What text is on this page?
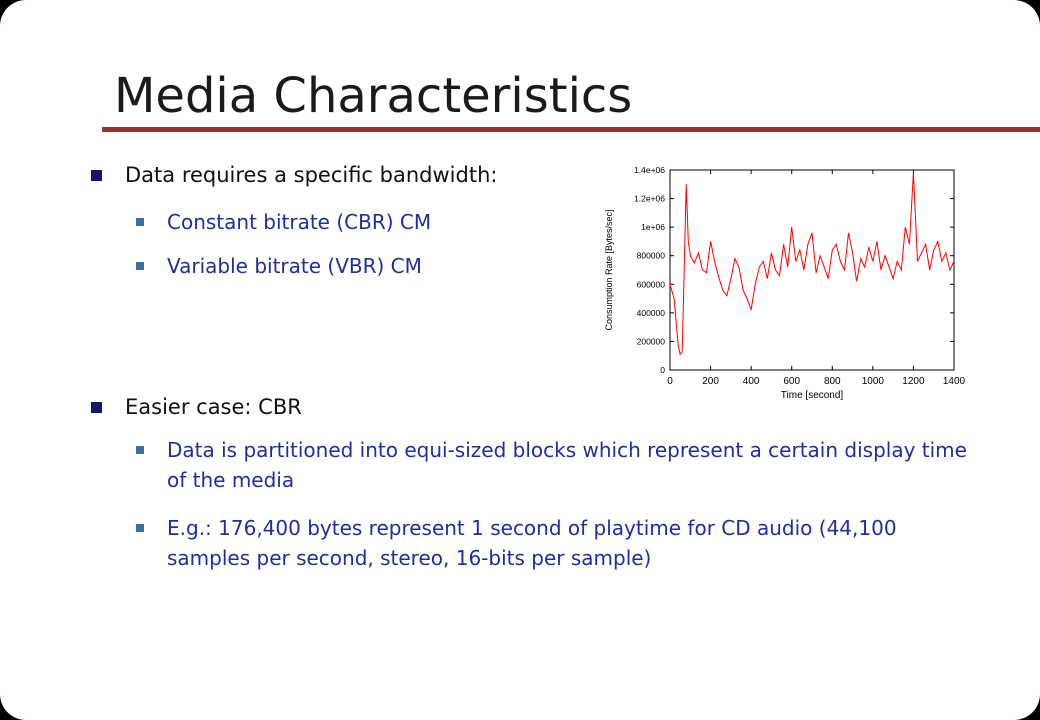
Media Characteristics

Data requires a specific bandwidth:

Constant bitrate (CBR) CM

Variable bitrate (VBR) CM

Easier case: CBR

Data is partitioned into equi-sized blocks which represent a certain display time of the media

E.g.: 176,400 bytes represent 1 second of playtime for CD audio (44,100 samples per second, stereo, 16-bits per sample)

Time [second]
Consumption Rate [Bytes/sec]
0	200 400 600 800 1000 1200 1400
0
200000
400000
600000
800000
1e+06
1.2e+06
1.4e+06
